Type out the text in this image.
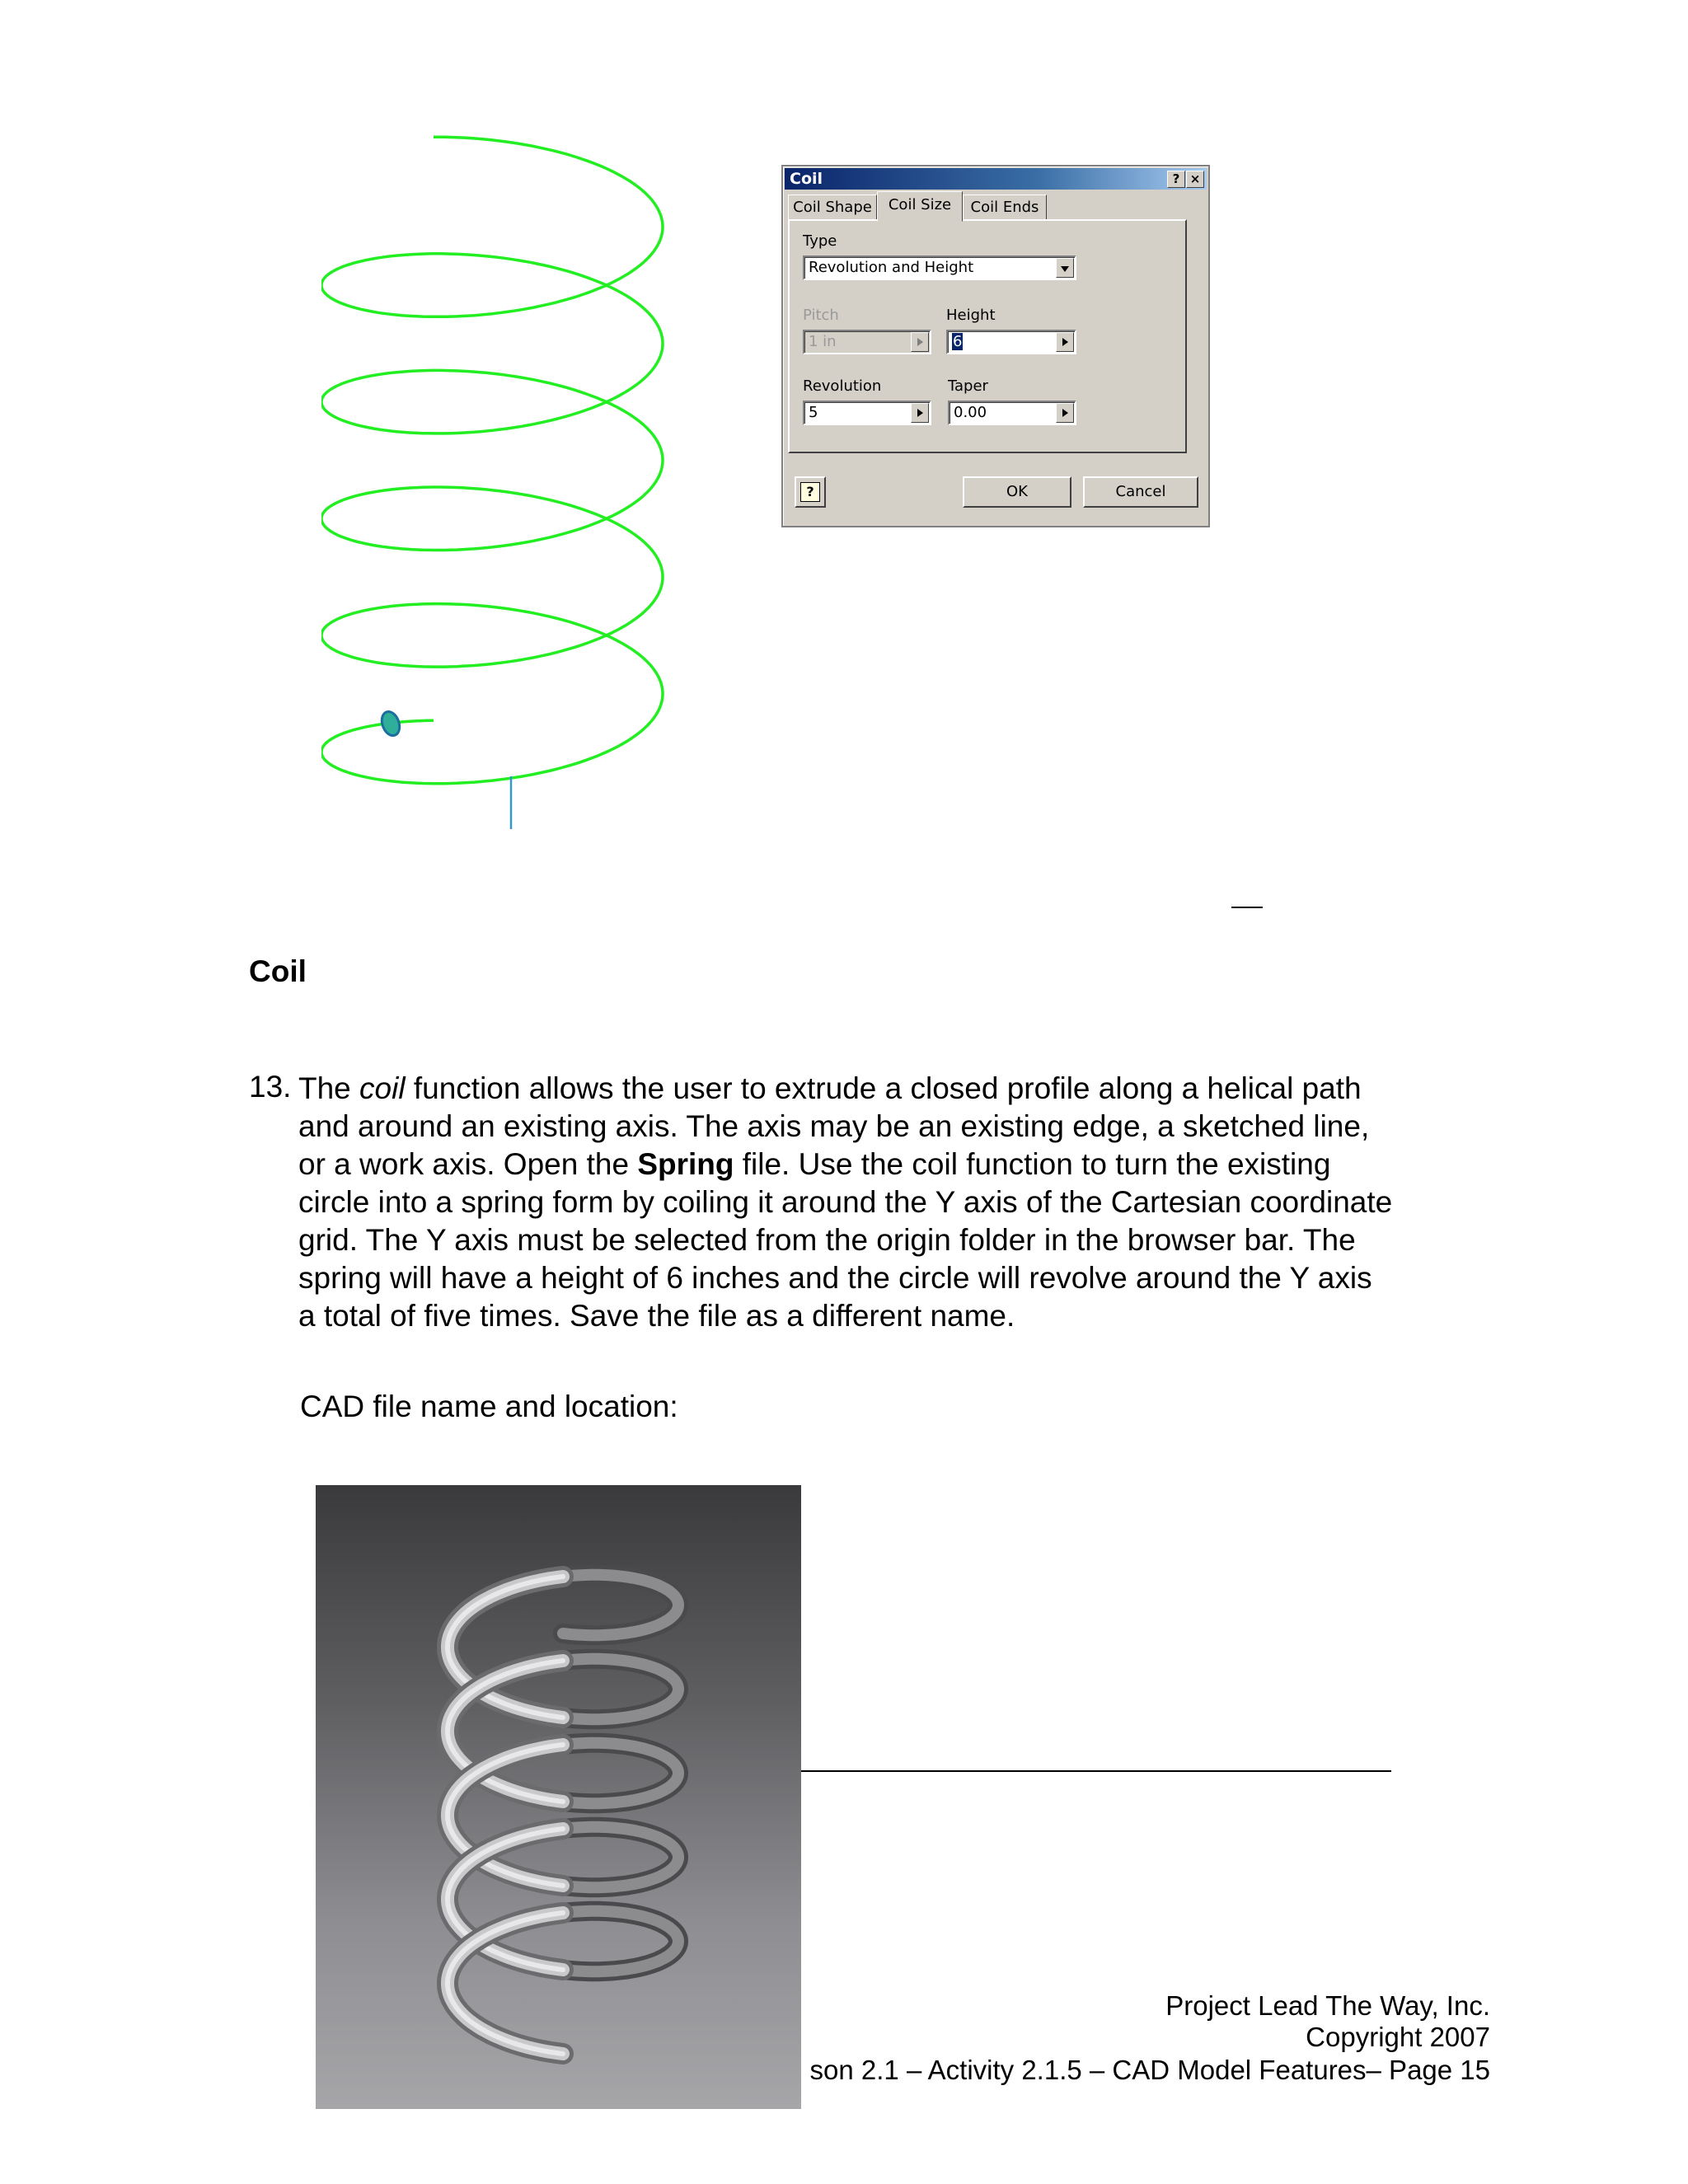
Coil	? ×
Coil Shape	Coil Size	Coil Ends
Type
Revolution and Height
Pitch
1 in
Height
6
Revolution
5
Taper
0.00
?	OK	Cancel
Coil
13. The coil function allows the user to extrude a closed profile along a helical path
and around an existing axis. The axis may be an existing edge, a sketched line,
or a work axis. Open the Spring file. Use the coil function to turn the existing
circle into a spring form by coiling it around the Y axis of the Cartesian coordinate
grid. The Y axis must be selected from the origin folder in the browser bar. The
spring will have a height of 6 inches and the circle will revolve around the Y axis
a total of five times. Save the file as a different name.
CAD file name and location:
Project Lead The Way, Inc.
Copyright 2007
son 2.1 – Activity 2.1.5 – CAD Model Features– Page 15
